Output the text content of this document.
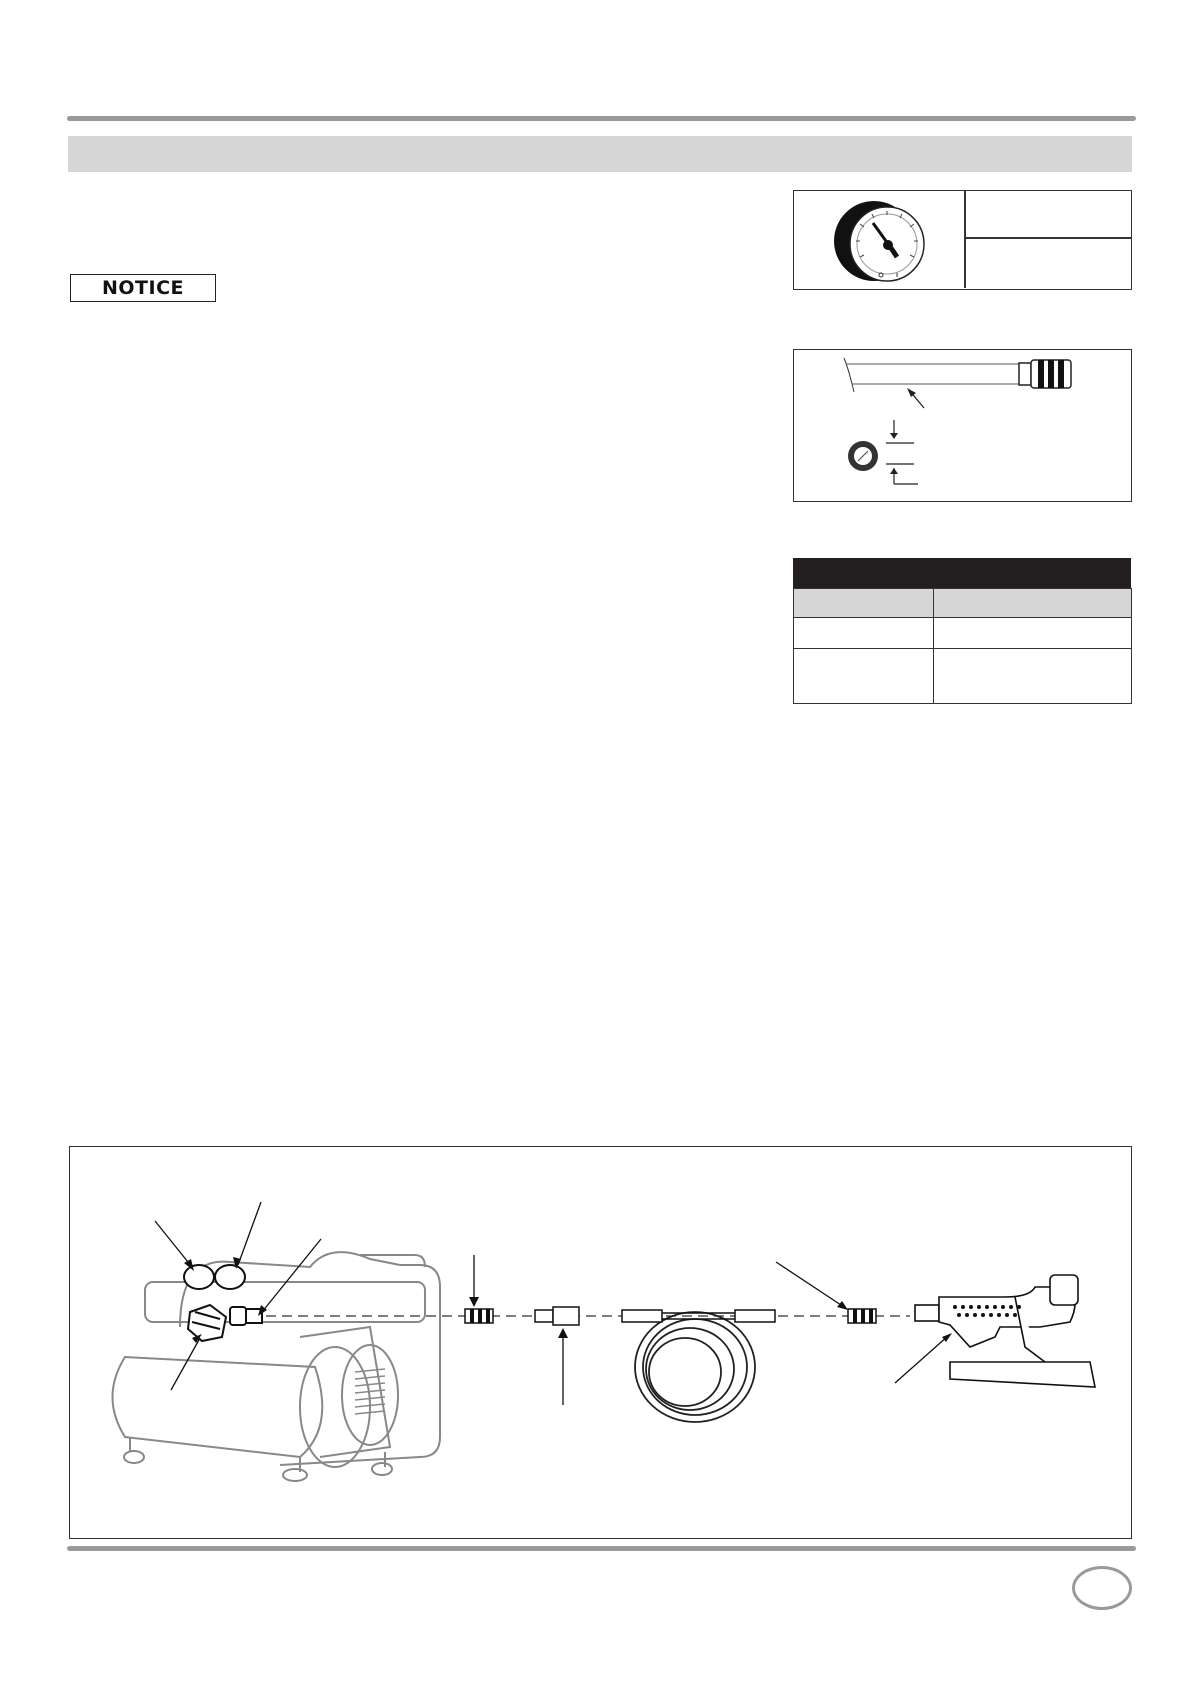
NOTICE
